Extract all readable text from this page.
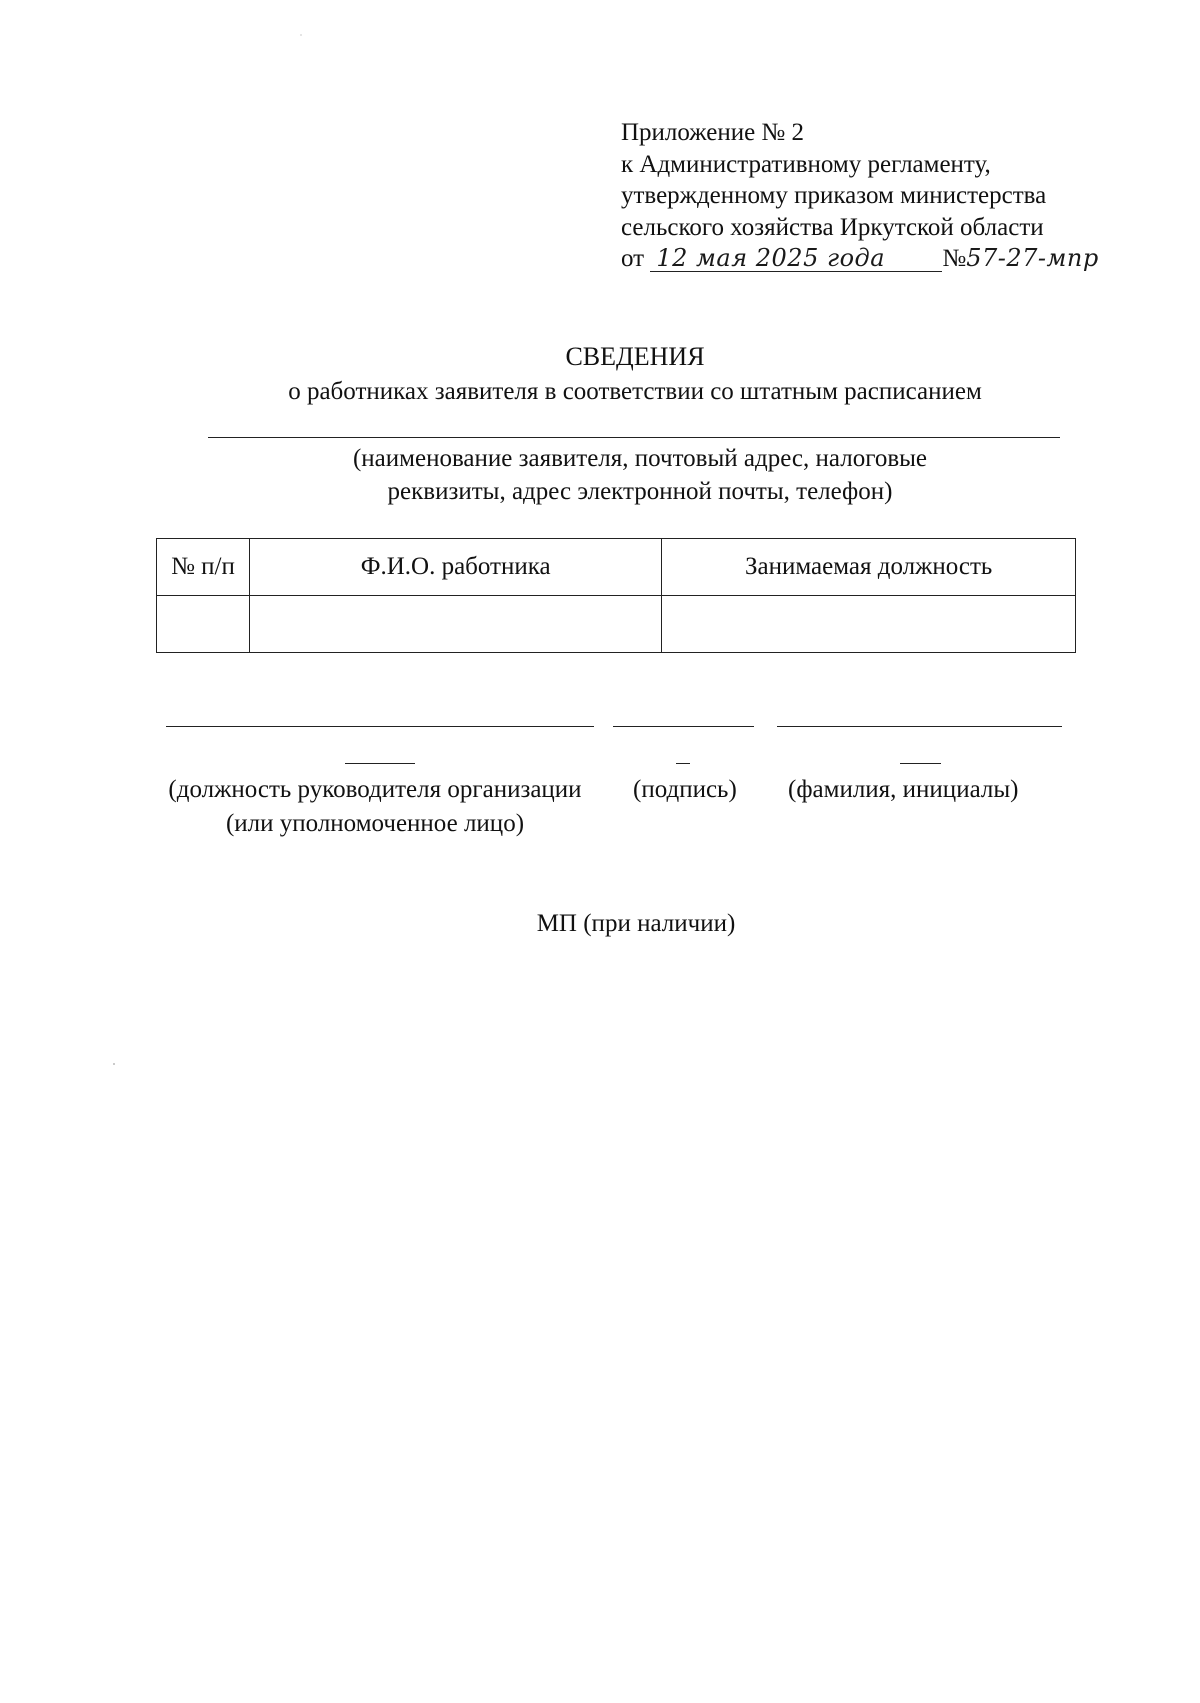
Приложение № 2
к Административному регламенту,
утвержденному приказом министерства
сельского хозяйства Иркутской области
от 12 мая 2025 года №57-27-мпр
СВЕДЕНИЯ
о работниках заявителя в соответствии со штатным расписанием
(наименование заявителя, почтовый адрес, налоговые
реквизиты, адрес электронной почты, телефон)
№ п/п	Ф.И.О. работника	Занимаемая должность

(должность руководителя организации (или уполномоченное лицо)
(подпись) (фамилия, инициалы)
МП (при наличии)
